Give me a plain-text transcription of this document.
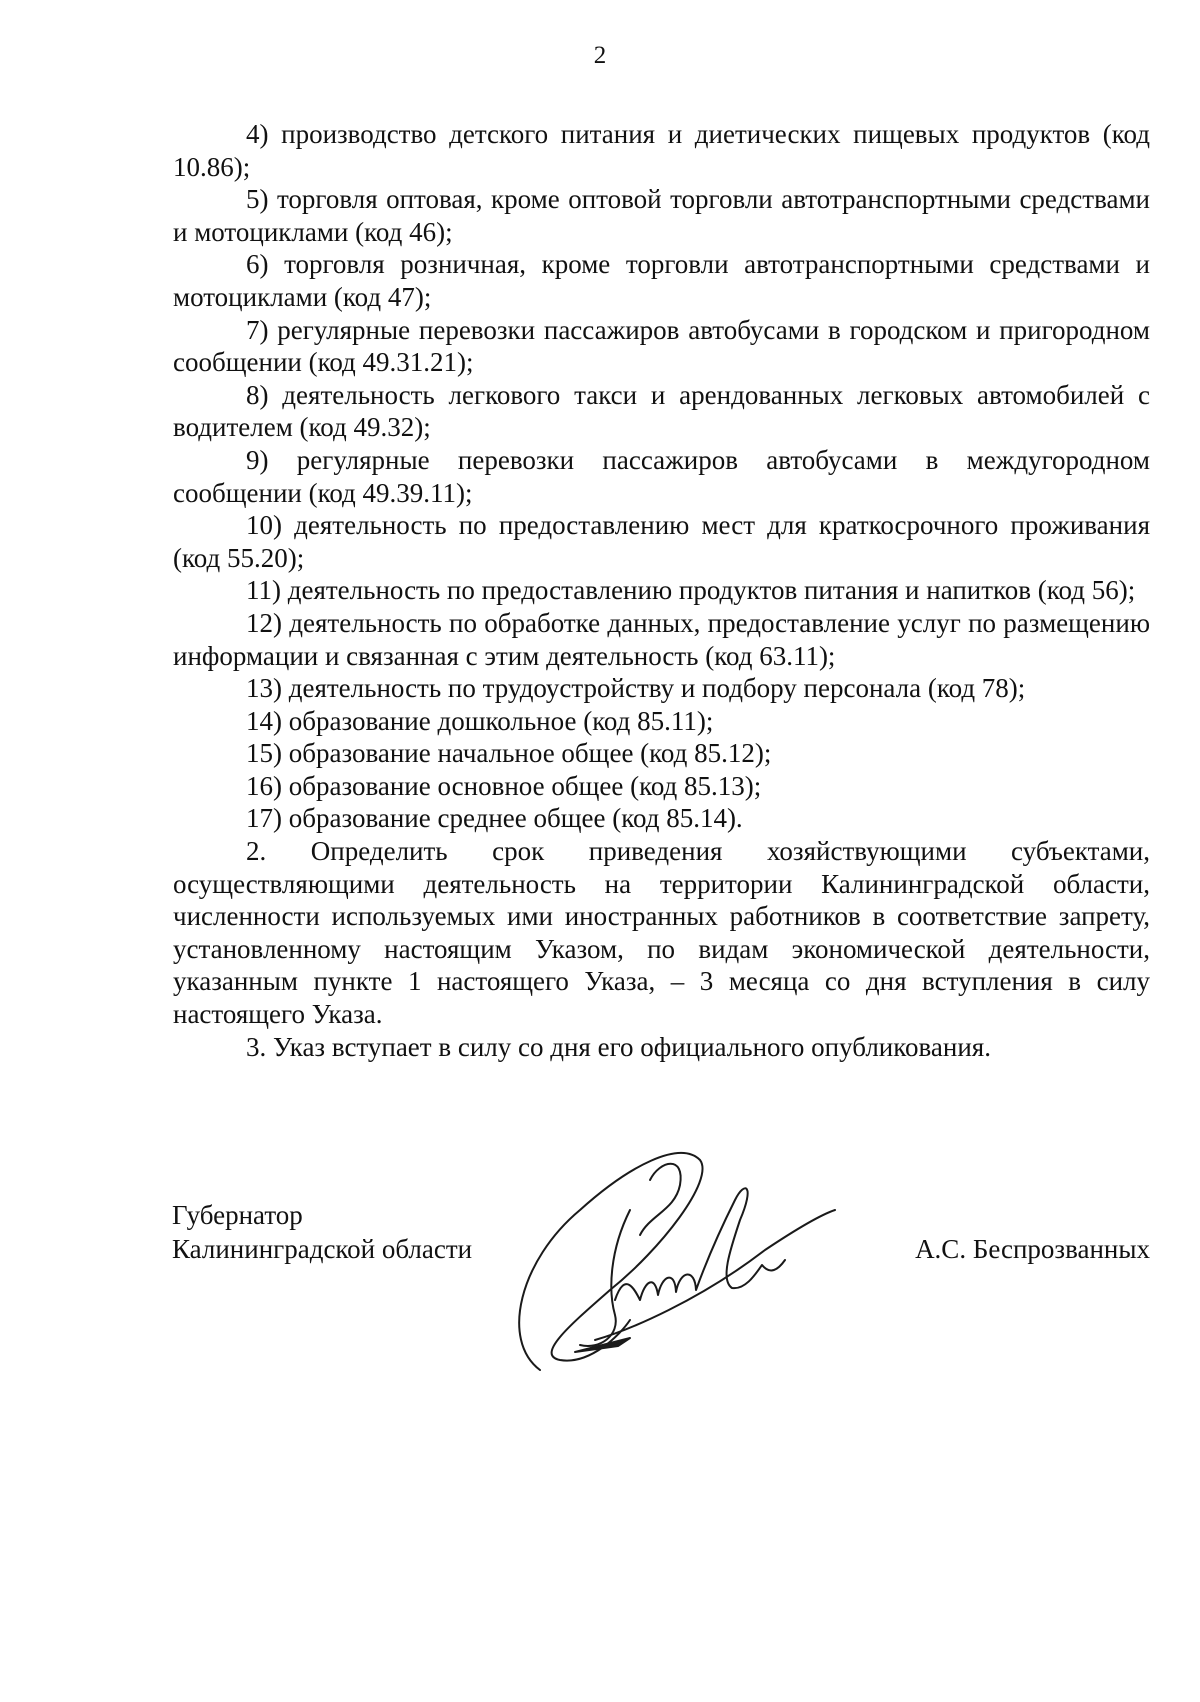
2

4) производство детского питания и диетических пищевых продуктов (код 10.86);

5) торговля оптовая, кроме оптовой торговли автотранспортными средствами и мотоциклами (код 46);

6) торговля розничная, кроме торговли автотранспортными средствами и мотоциклами (код 47);

7) регулярные перевозки пассажиров автобусами в городском и пригородном сообщении (код 49.31.21);

8) деятельность легкового такси и арендованных легковых автомобилей с водителем (код 49.32);

9) регулярные перевозки пассажиров автобусами в междугородном сообщении (код 49.39.11);

10) деятельность по предоставлению мест для краткосрочного проживания (код 55.20);

11) деятельность по предоставлению продуктов питания и напитков (код 56);

12) деятельность по обработке данных, предоставление услуг по размещению информации и связанная с этим деятельность (код 63.11);

13) деятельность по трудоустройству и подбору персонала (код 78);

14) образование дошкольное (код 85.11);

15) образование начальное общее (код 85.12);

16) образование основное общее (код 85.13);

17) образование среднее общее (код 85.14).

2. Определить срок приведения хозяйствующими субъектами, осуществляющими деятельность на территории Калининградской области, численности используемых ими иностранных работников в соответствие запрету, установленному настоящим Указом, по видам экономической деятельности, указанным пункте 1 настоящего Указа, – 3 месяца со дня вступления в силу настоящего Указа.

3. Указ вступает в силу со дня его официального опубликования.

Губернатор
Калининградской области	А.С. Беспрозванных
